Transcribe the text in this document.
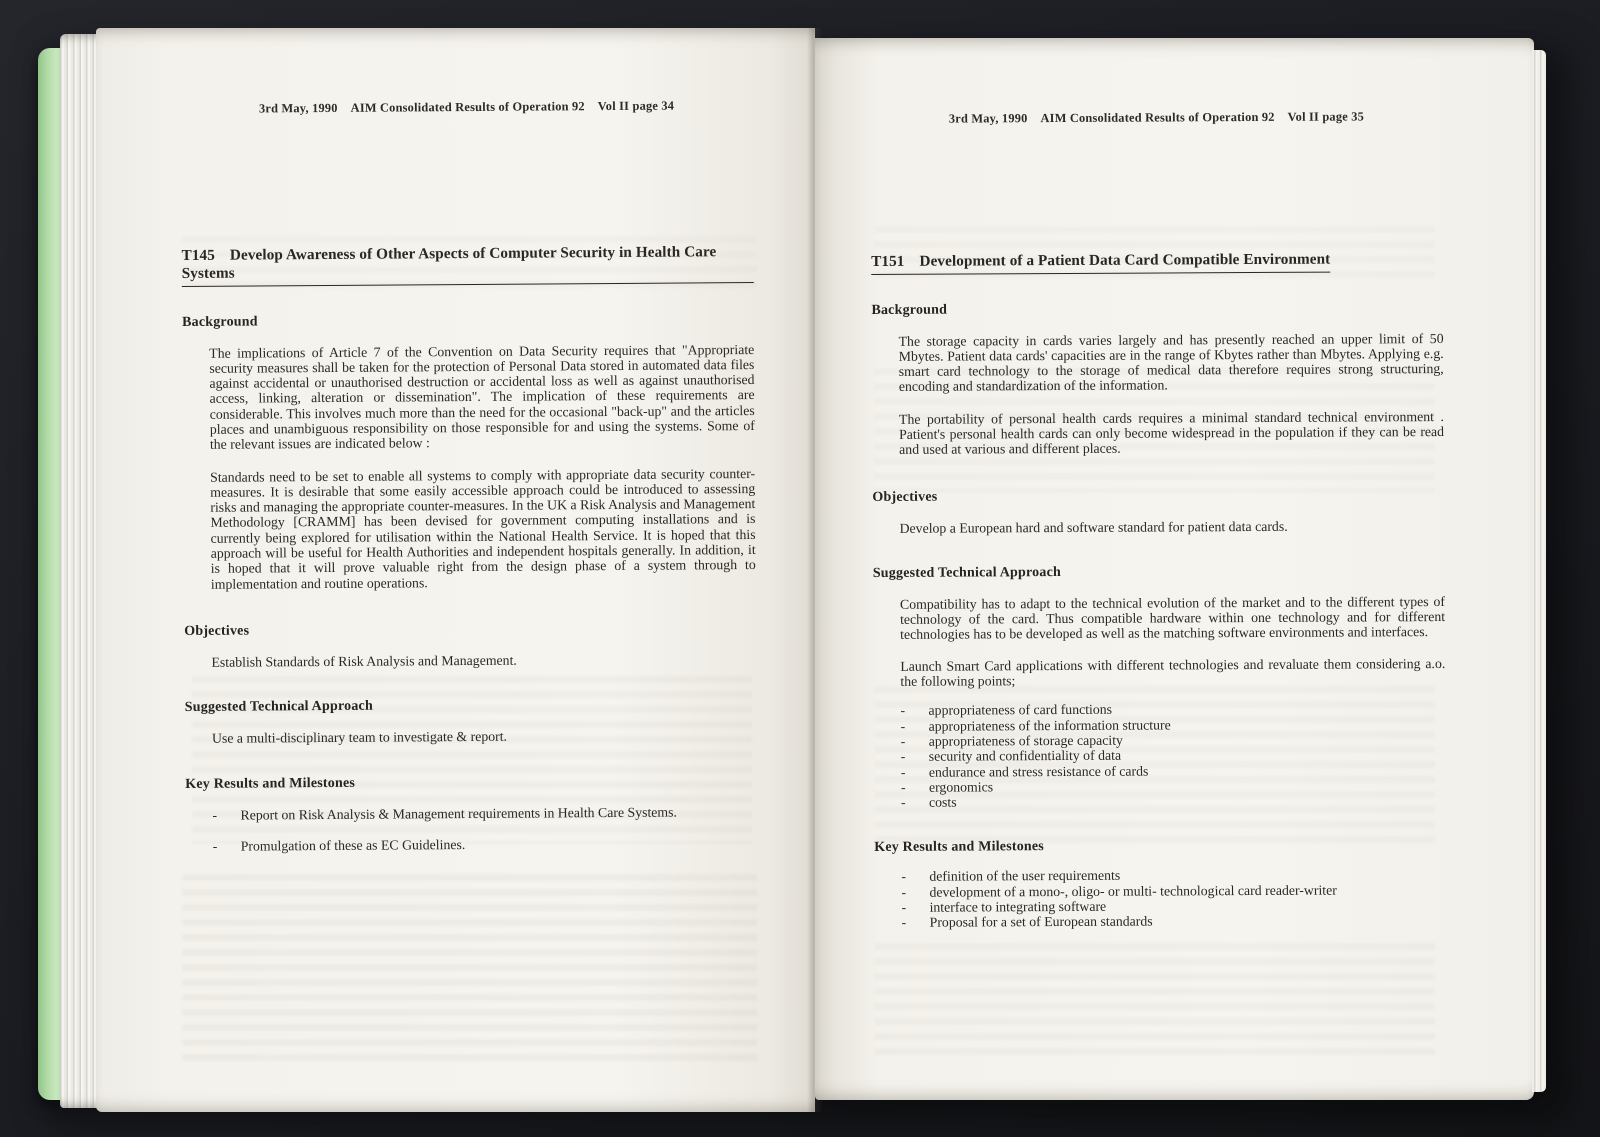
3rd May, 1990 AIM Consolidated Results of Operation 92 Vol II page 34
T145 Develop Awareness of Other Aspects of Computer Security in Health Care Systems
Background

The implications of Article 7 of the Convention on Data Security requires that "Appropriate security measures shall be taken for the protection of Personal Data stored in automated data files against accidental or unauthorised destruction or accidental loss as well as against unauthorised access, linking, alteration or dissemination". The implication of these requirements are considerable. This involves much more than the need for the occasional "back-up" and the articles places and unambiguous responsibility on those responsible for and using the systems. Some of the relevant issues are indicated below :

Standards need to be set to enable all systems to comply with appropriate data security counter-measures. It is desirable that some easily accessible approach could be introduced to assessing risks and managing the appropriate counter-measures. In the UK a Risk Analysis and Management Methodology [CRAMM] has been devised for government computing installations and is currently being explored for utilisation within the National Health Service. It is hoped that this approach will be useful for Health Authorities and independent hospitals generally. In addition, it is hoped that it will prove valuable right from the design phase of a system through to implementation and routine operations.

Objectives

Establish Standards of Risk Analysis and Management.

Suggested Technical Approach

Use a multi-disciplinary team to investigate & report.

Key Results and Milestones
-	Report on Risk Analysis & Management requirements in Health Care Systems.
-	Promulgation of these as EC Guidelines.
3rd May, 1990 AIM Consolidated Results of Operation 92 Vol II page 35
T151 Development of a Patient Data Card Compatible Environment
Background

The storage capacity in cards varies largely and has presently reached an upper limit of 50 Mbytes. Patient data cards' capacities are in the range of Kbytes rather than Mbytes. Applying e.g. smart card technology to the storage of medical data therefore requires strong structuring, encoding and standardization of the information.

The portability of personal health cards requires a minimal standard technical environment . Patient's personal health cards can only become widespread in the population if they can be read and used at various and different places.

Objectives

Develop a European hard and software standard for patient data cards.

Suggested Technical Approach

Compatibility has to adapt to the technical evolution of the market and to the different types of technology of the card. Thus compatible hardware within one technology and for different technologies has to be developed as well as the matching software environments and interfaces.

Launch Smart Card applications with different technologies and revaluate them considering a.o. the following points;

-	appropriateness of card functions
-	appropriateness of the information structure
-	appropriateness of storage capacity
-	security and confidentiality of data
-	endurance and stress resistance of cards
-	ergonomics
-	costs
Key Results and Milestones
-	definition of the user requirements
-	development of a mono-, oligo- or multi- technological card reader-writer
-	interface to integrating software
-	Proposal for a set of European standards
